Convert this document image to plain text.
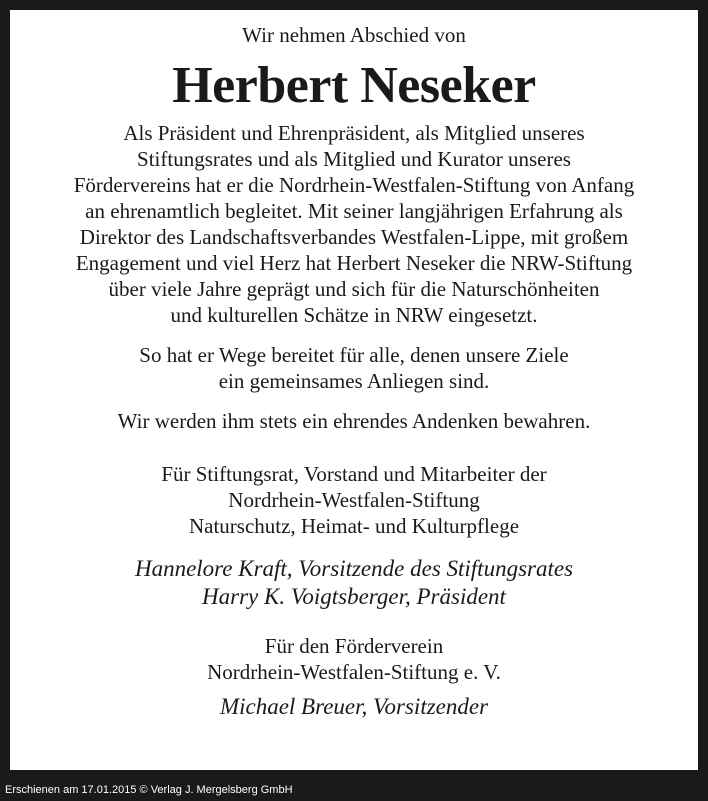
Wir nehmen Abschied von

Herbert Neseker

Als Präsident und Ehrenpräsident, als Mitglied unseres
Stiftungsrates und als Mitglied und Kurator unseres
Fördervereins hat er die Nordrhein-Westfalen-Stiftung von Anfang
an ehrenamtlich begleitet. Mit seiner langjährigen Erfahrung als
Direktor des Landschaftsverbandes Westfalen-Lippe, mit großem
Engagement und viel Herz hat Herbert Neseker die NRW-Stiftung
über viele Jahre geprägt und sich für die Naturschönheiten
und kulturellen Schätze in NRW eingesetzt.

So hat er Wege bereitet für alle, denen unsere Ziele
ein gemeinsames Anliegen sind.

Wir werden ihm stets ein ehrendes Andenken bewahren.

Für Stiftungsrat, Vorstand und Mitarbeiter der
Nordrhein-Westfalen-Stiftung
Naturschutz, Heimat- und Kulturpflege

Hannelore Kraft, Vorsitzende des Stiftungsrates
Harry K. Voigtsberger, Präsident

Für den Förderverein
Nordrhein-Westfalen-Stiftung e. V.

Michael Breuer, Vorsitzender

Erschienen am 17.01.2015 © Verlag J. Mergelsberg GmbH
